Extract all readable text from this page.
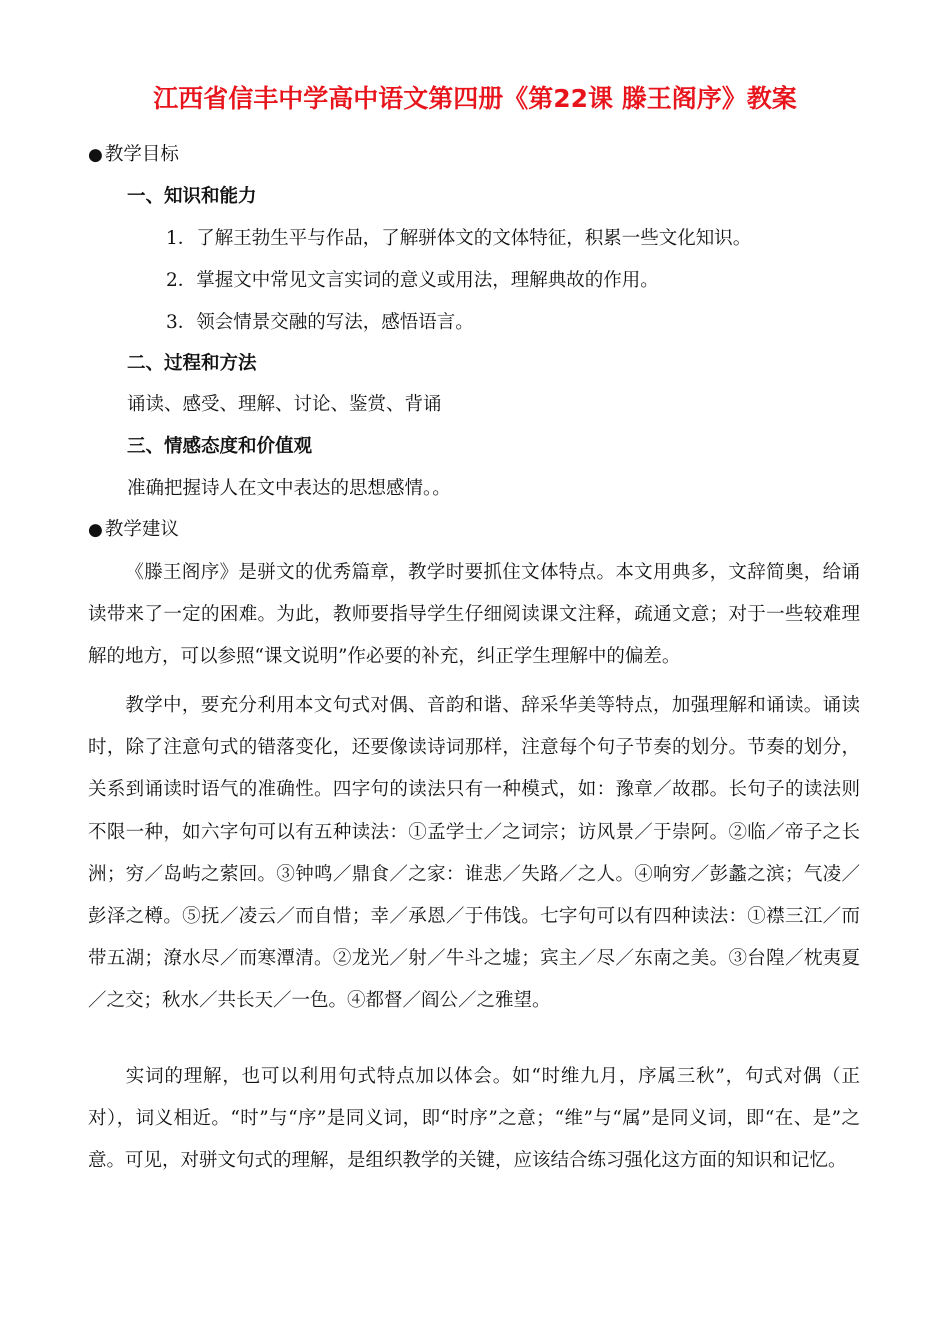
江西省信丰中学高中语文第四册《第22课 滕王阁序》教案
● 教学目标
一、知识和能力
1．了解王勃生平与作品，了解骈体文的文体特征，积累一些文化知识。
2．掌握文中常见文言实词的意义或用法，理解典故的作用。
3．领会情景交融的写法，感悟语言。
二、过程和方法
诵读、感受、理解、讨论、鉴赏、背诵
三、情感态度和价值观
准确把握诗人在文中表达的思想感情。。
● 教学建议
《滕王阁序》是骈文的优秀篇章，教学时要抓住文体特点。本文用典多，文辞简奥，给诵读带来了一定的困难。为此，教师要指导学生仔细阅读课文注释，疏通文意；对于一些较难理解的地方，可以参照“课文说明”作必要的补充，纠正学生理解中的偏差。
教学中，要充分利用本文句式对偶、音韵和谐、辞采华美等特点，加强理解和诵读。诵读时，除了注意句式的错落变化，还要像读诗词那样，注意每个句子节奏的划分。节奏的划分，关系到诵读时语气的准确性。四字句的读法只有一种模式，如：豫章／故郡。长句子的读法则不限一种，如六字句可以有五种读法：①孟学士／之词宗；访风景／于崇阿。②临／帝子之长洲；穷／岛屿之萦回。③钟鸣／鼎食／之家：谁悲／失路／之人。④响穷／彭蠡之滨；气凌／彭泽之樽。⑤抚／凌云／而自惜；幸／承恩／于伟饯。七字句可以有四种读法：①襟三江／而带五湖；潦水尽／而寒潭清。②龙光／射／牛斗之墟；宾主／尽／东南之美。③台隍／枕夷夏／之交；秋水／共长天／一色。④都督／阎公／之雅望。
实词的理解，也可以利用句式特点加以体会。如“时维九月，序属三秋”，句式对偶（正对），词义相近。“时”与“序”是同义词，即“时序”之意；“维”与“属”是同义词，即“在、是”之意。可见，对骈文句式的理解，是组织教学的关键，应该结合练习强化这方面的知识和记忆。
